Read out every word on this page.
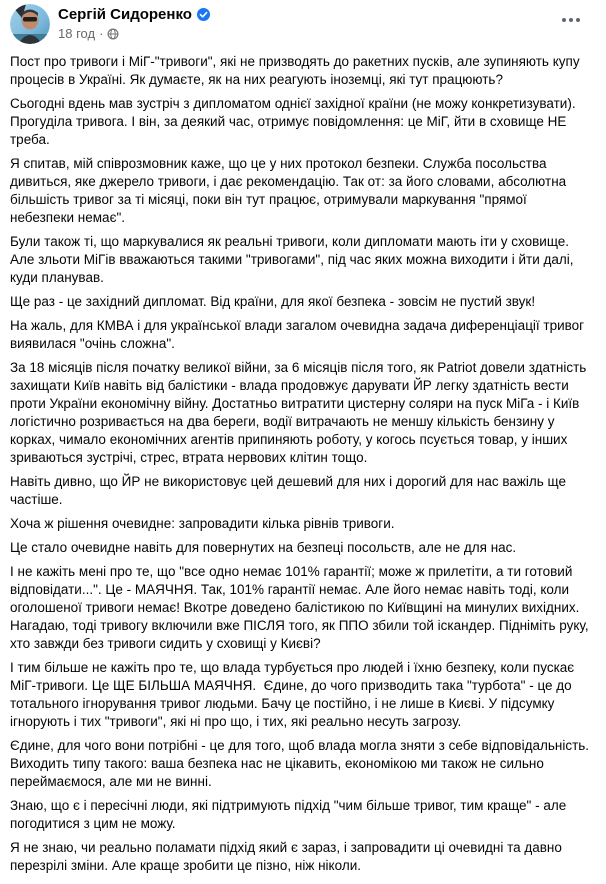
Сергій Сидоренко
18 год ·

Пост про тривоги і МіГ-"тривоги", які не призводять до ракетних пусків, але зупиняють купу процесів в Україні. Як думаєте, як на них реагують іноземці, які тут працюють?

Сьогодні вдень мав зустріч з дипломатом однієї західної країни (не можу конкретизувати). Прогуділа тривога. І він, за деякий час, отримує повідомлення: це МіГ, йти в сховище НЕ треба.

Я спитав, мій співрозмовник каже, що це у них протокол безпеки. Служба посольства дивиться, яке джерело тривоги, і дає рекомендацію. Так от: за його словами, абсолютна більшість тривог за ті місяці, поки він тут працює, отримували маркування "прямої небезпеки немає".

Були також ті, що маркувалися як реальні тривоги, коли дипломати мають іти у сховище. Але зльоти МіГів вважаються такими "тривогами", під час яких можна виходити і йти далі, куди планував.

Ще раз - це західний дипломат. Від країни, для якої безпека - зовсім не пустий звук!

На жаль, для КМВА і для української влади загалом очевидна задача диференціації тривог виявилася "очінь сложна".

За 18 місяців після початку великої війни, за 6 місяців після того, як Patriot довели здатність захищати Київ навіть від балістики - влада продовжує дарувати ЙР легку здатність вести проти України економічну війну. Достатньо витратити цистерну соляри на пуск МіГа - і Київ логістично розривається на два береги, водії витрачають не меншу кількість бензину у корках, чимало економічних агентів припиняють роботу, у когось псується товар, у інших зриваються зустрічі, стрес, втрата нервових клітин тощо.

Навіть дивно, що ЙР не використовує цей дешевий для них і дорогий для нас важіль ще частіше.

Хоча ж рішення очевидне: запровадити кілька рівнів тривоги.

Це стало очевидне навіть для повернутих на безпеці посольств, але не для нас.

І не кажіть мені про те, що "все одно немає 101% гарантії; може ж прилетіти, а ти готовий відповідати...". Це - МАЯЧНЯ. Так, 101% гарантії немає. Але його немає навіть тоді, коли оголошеної тривоги немає! Вкотре доведено балістикою по Київщині на минулих вихідних. Нагадаю, тоді тривогу включили вже ПІСЛЯ того, як ППО збили той іскандер. Підніміть руку, хто завжди без тривоги сидить у сховищі у Києві?

І тим більше не кажіть про те, що влада турбується про людей і їхню безпеку, коли пускає МіГ-тривоги. Це ЩЕ БІЛЬША МАЯЧНЯ.  Єдине, до чого призводить така "турбота" - це до тотального ігнорування тривог людьми. Бачу це постійно, і не лише в Києві. У підсумку ігнорують і тих "тривоги", які ні про що, і тих, які реально несуть загрозу.

Єдине, для чого вони потрібні - це для того, щоб влада могла зняти з себе відповідальність. Виходить типу такого: ваша безпека нас не цікавить, економікою ми також не сильно переймаємося, але ми не винні.

Знаю, що є і пересічні люди, які підтримують підхід "чим більше тривог, тим краще" - але погодитися з цим не можу.

Я не знаю, чи реально поламати підхід який є зараз, і запровадити ці очевидні та давно перезрілі зміни. Але краще зробити це пізно, ніж ніколи.
